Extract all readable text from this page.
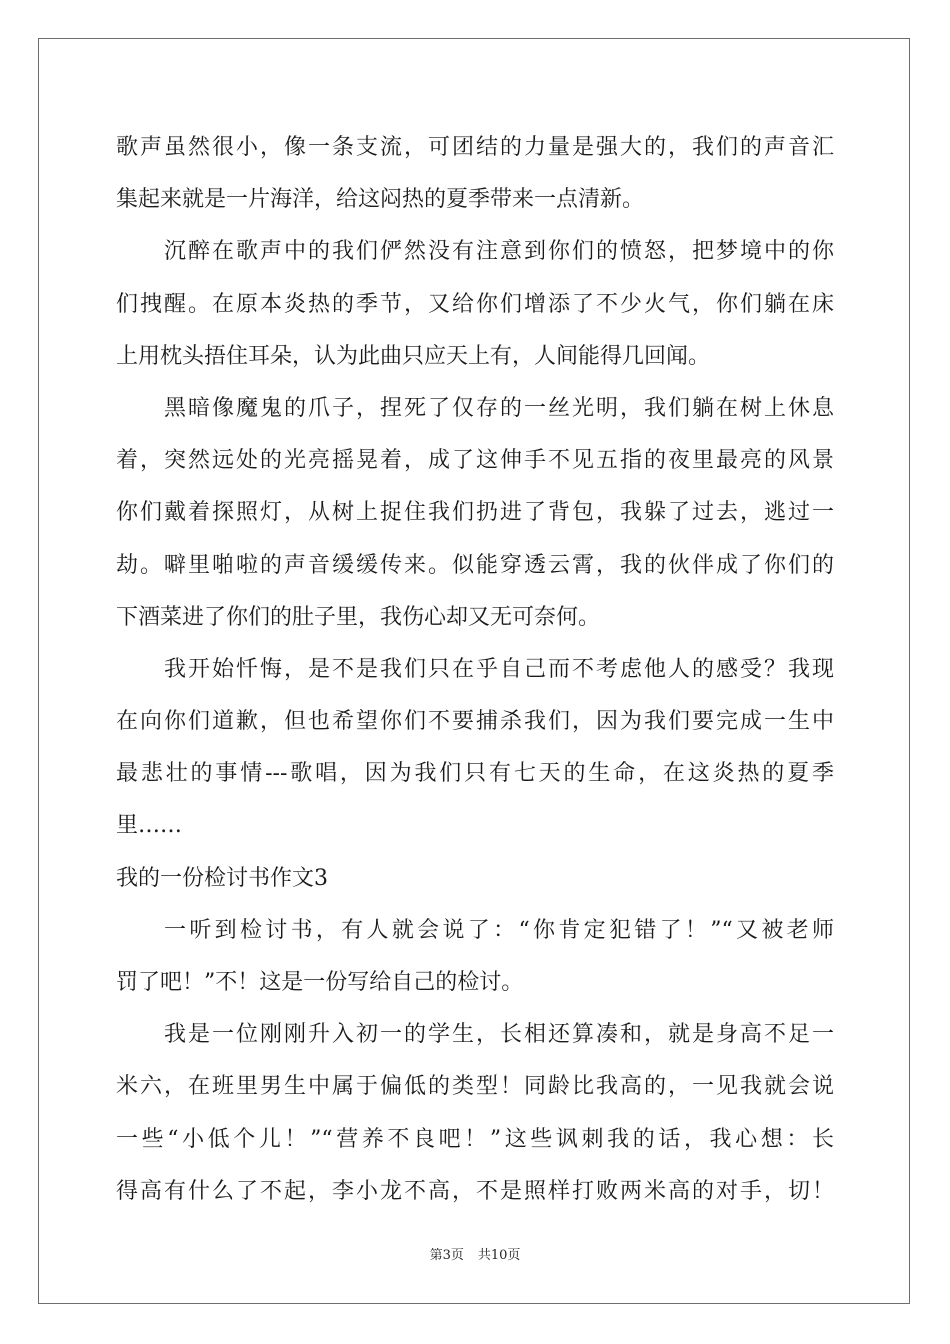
歌声虽然很小，像一条支流，可团结的力量是强大的，我们的声音汇
集起来就是一片海洋，给这闷热的夏季带来一点清新。
沉醉在歌声中的我们俨然没有注意到你们的愤怒，把梦境中的你
们拽醒。在原本炎热的季节，又给你们增添了不少火气，你们躺在床
上用枕头捂住耳朵，认为此曲只应天上有，人间能得几回闻。
黑暗像魔鬼的爪子，捏死了仅存的一丝光明，我们躺在树上休息
着，突然远处的光亮摇晃着，成了这伸手不见五指的夜里最亮的风景
你们戴着探照灯，从树上捉住我们扔进了背包，我躲了过去，逃过一
劫。噼里啪啦的声音缓缓传来。似能穿透云霄，我的伙伴成了你们的
下酒菜进了你们的肚子里，我伤心却又无可奈何。
我开始忏悔，是不是我们只在乎自己而不考虑他人的感受？我现
在向你们道歉，但也希望你们不要捕杀我们，因为我们要完成一生中
最悲壮的事情---歌唱，因为我们只有七天的生命，在这炎热的夏季
里……
我的一份检讨书作文3
一听到检讨书，有人就会说了：“你肯定犯错了！”“又被老师
罚了吧！”不！这是一份写给自己的检讨。
我是一位刚刚升入初一的学生，长相还算凑和，就是身高不足一
米六，在班里男生中属于偏低的类型！同龄比我高的，一见我就会说
一些“小低个儿！”“营养不良吧！”这些讽刺我的话，我心想：长
得高有什么了不起，李小龙不高，不是照样打败两米高的对手，切！
第3页 共10页
